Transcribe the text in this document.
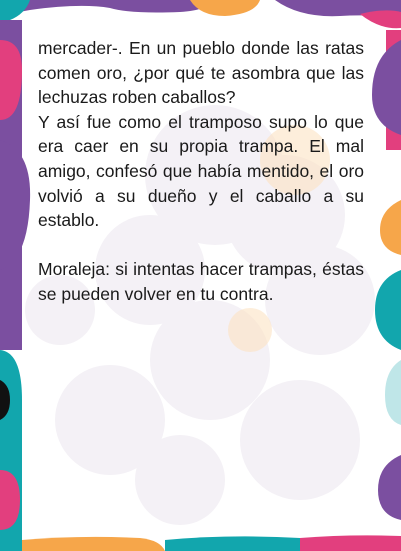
mercader-. En un pueblo donde las ratas comen oro, ¿por qué te asombra que las lechuzas roben caballos?

Y así fue como el tramposo supo lo que era caer en su propia trampa. El mal amigo, confesó que había mentido, el oro volvió a su dueño y el caballo a su establo.

Moraleja: si intentas hacer trampas, éstas se pueden volver en tu contra.
